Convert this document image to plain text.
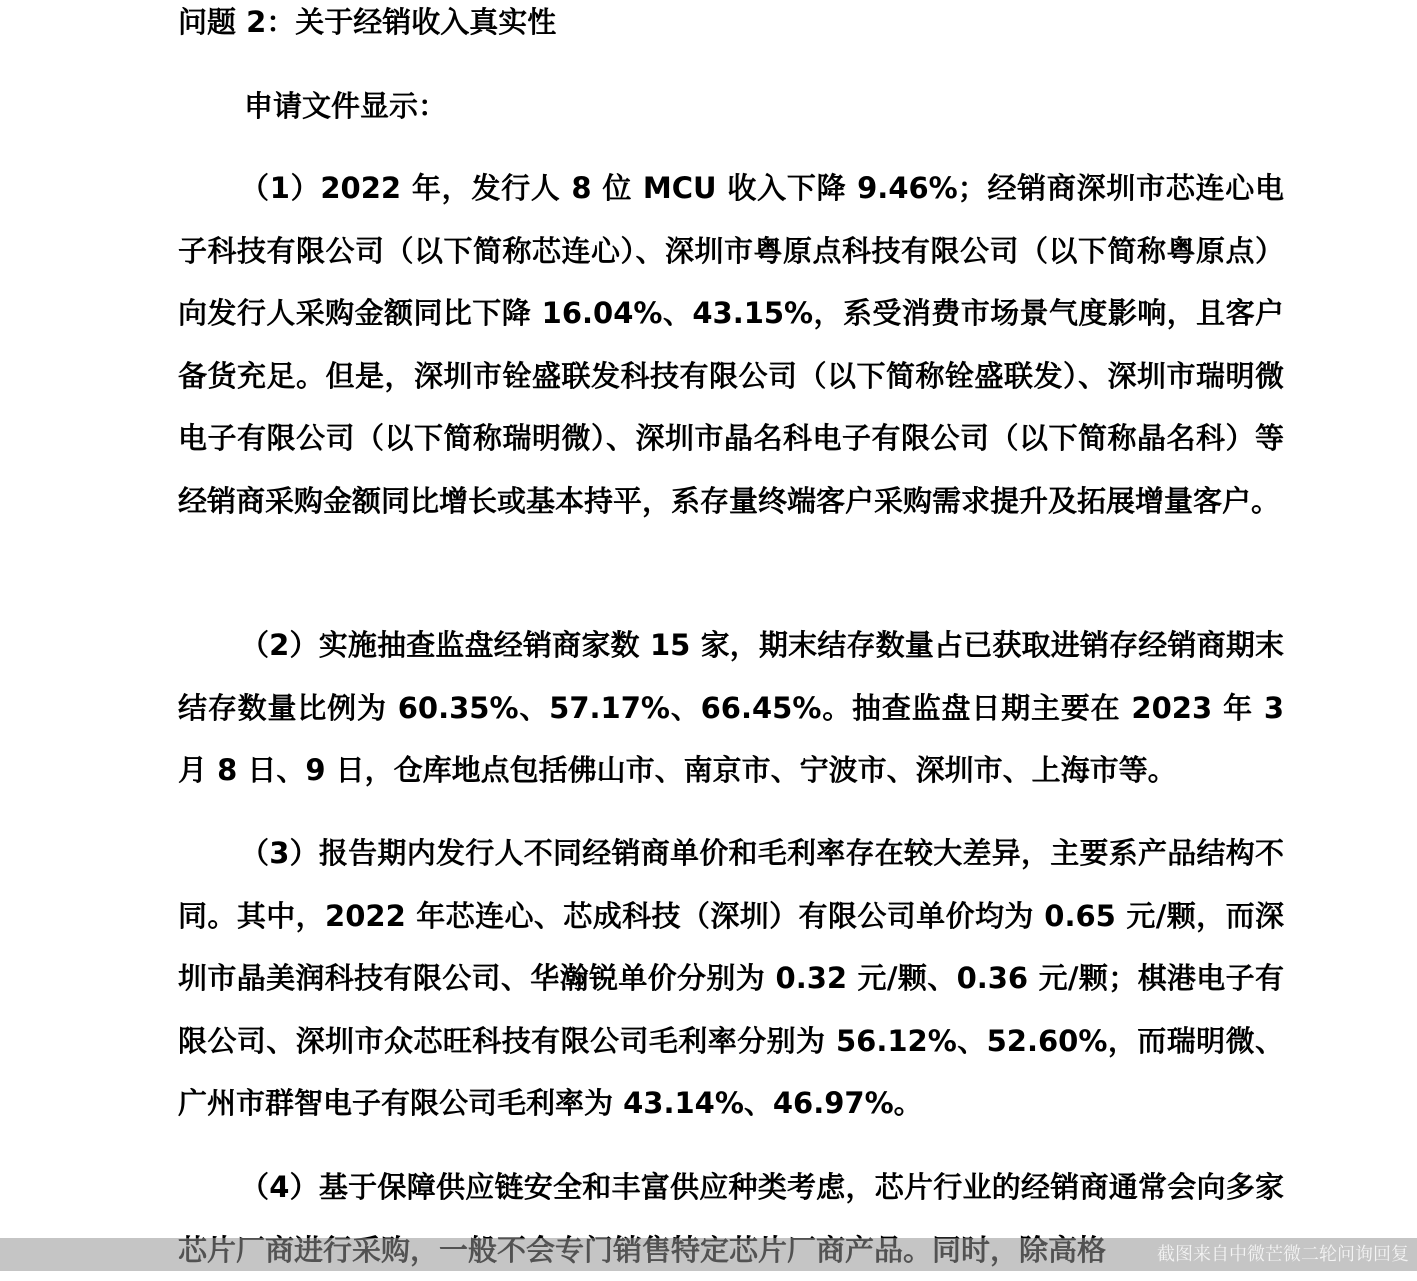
问题 2：关于经销收入真实性
申请文件显示：

（1）2022 年，发行人 8 位 MCU 收入下降 9.46%；经销商深圳市芯连心电子科技有限公司（以下简称芯连心）、深圳市粤原点科技有限公司（以下简称粤原点）向发行人采购金额同比下降 16.04%、43.15%，系受消费市场景气度影响，且客户备货充足。但是，深圳市铨盛联发科技有限公司（以下简称铨盛联发）、深圳市瑞明微电子有限公司（以下简称瑞明微）、深圳市晶名科电子有限公司（以下简称晶名科）等经销商采购金额同比增长或基本持平，系存量终端客户采购需求提升及拓展增量客户。

（2）实施抽查监盘经销商家数 15 家，期末结存数量占已获取进销存经销商期末结存数量比例为 60.35%、57.17%、66.45%。抽查监盘日期主要在 2023 年 3 月 8 日、9 日，仓库地点包括佛山市、南京市、宁波市、深圳市、上海市等。

（3）报告期内发行人不同经销商单价和毛利率存在较大差异，主要系产品结构不同。其中，2022 年芯连心、芯成科技（深圳）有限公司单价均为 0.65 元/颗，而深圳市晶美润科技有限公司、华瀚锐单价分别为 0.32 元/颗、0.36 元/颗；棋港电子有限公司、深圳市众芯旺科技有限公司毛利率分别为 56.12%、52.60%，而瑞明微、广州市群智电子有限公司毛利率为 43.14%、46.97%。

（4）基于保障供应链安全和丰富供应种类考虑，芯片行业的经销商通常会向多家

截图来自中微芒微二轮问询回复
